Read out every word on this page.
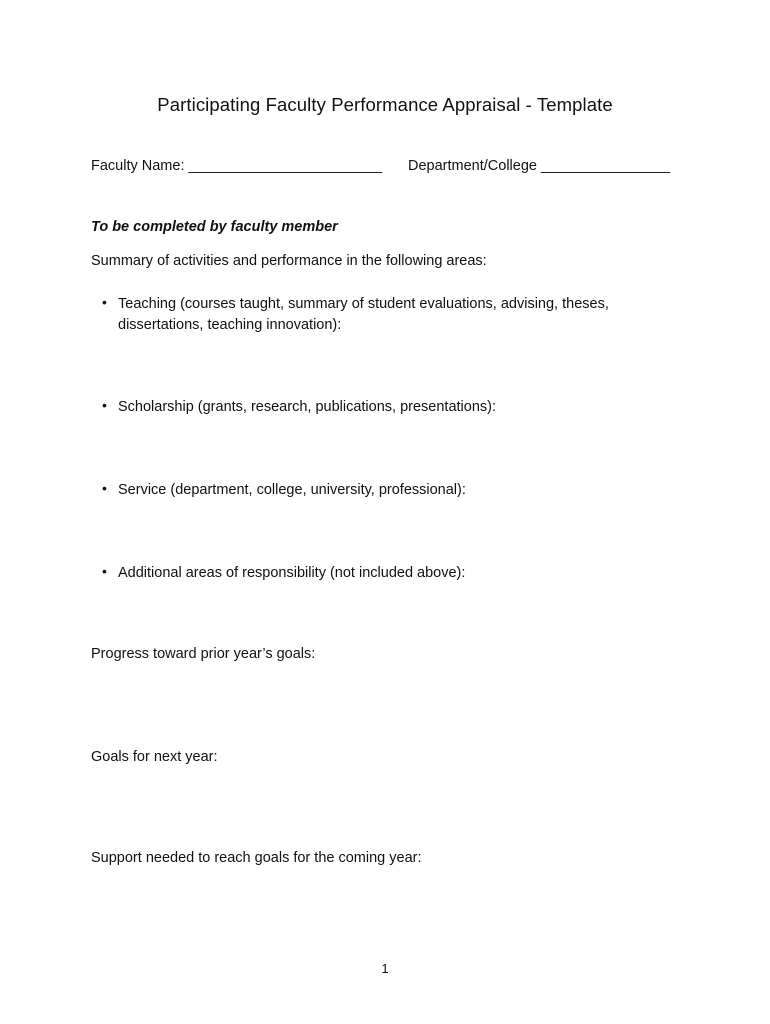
Participating Faculty Performance Appraisal - Template
Faculty Name: ________________________ Department/College ________________
To be completed by faculty member
Summary of activities and performance in the following areas:
• Teaching (courses taught, summary of student evaluations, advising, theses, dissertations, teaching innovation):
• Scholarship (grants, research, publications, presentations):
• Service (department, college, university, professional):
• Additional areas of responsibility (not included above):
Progress toward prior year’s goals:
Goals for next year:
Support needed to reach goals for the coming year:
1
